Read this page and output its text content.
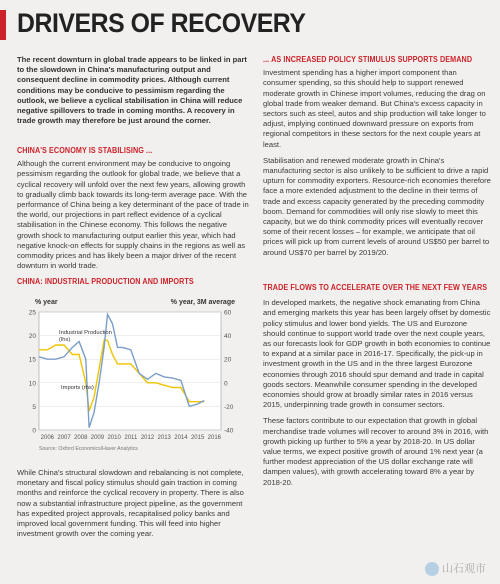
DRIVERS OF RECOVERY
The recent downturn in global trade appears to be linked in part to the slowdown in China's manufacturing output and consequent decline in commodity prices. Although current conditions may be conducive to pessimism regarding the outlook, we believe a cyclical stabilisation in China will reduce negative spillovers to trade in coming months. A recovery in trade growth may therefore be just around the corner.
CHINA'S ECONOMY IS STABILISING ...
Although the current environment may be conducive to ongoing pessimism regarding the outlook for global trade, we believe that a cyclical recovery will unfold over the next few years, allowing growth to gradually climb back towards its long-term average pace. With the performance of China being a key determinant of the pace of trade in the world, our projections in part reflect evidence of a cyclical stabilisation in the Chinese economy. This follows the negative growth shock to manufacturing output earlier this year, which had negative knock-on effects for supply chains in the regions as well as commodity prices and has likely been a major driver of the recent downturn in world trade.
CHINA: INDUSTRIAL PRODUCTION AND IMPORTS
0
5
10
15
20
25
-40
-20
0
20
40
60
% year	% year, 3M average
2006 2007 2008 2009 2010 2011 2012 2013 2014 2015 2016
Industrial Production
(lhs)
Imports (rhs)
Source: Oxford Economics/Haver Analytics
While China's structural slowdown and rebalancing is not complete, monetary and fiscal policy stimulus should gain traction in coming months and reinforce the cyclical recovery in property. There is also now a substantial infrastructure project pipeline, as the government has expedited project approvals, recapitalised policy banks and improved local government funding. This will feed into higher investment growth over the coming year.
... AS INCREASED POLICY STIMULUS SUPPORTS DEMAND
Investment spending has a higher import component than consumer spending, so this should help to support renewed moderate growth in Chinese import volumes, reducing the drag on global trade from weaker demand. But China's excess capacity in sectors such as steel, autos and ship production will take longer to adjust, implying continued downward pressure on exports from regional competitors in these sectors for the next couple years at least.
Stabilisation and renewed moderate growth in China's manufacturing sector is also unlikely to be sufficient to drive a rapid upturn for commodity exporters. Resource-rich economies therefore face a more extended adjustment to the decline in their terms of trade and excess capacity generated by the preceding commodity boom. Demand for commodities will only rise slowly to meet this capacity, but we do think commodity prices will eventually recover some of their recent losses – for example, we anticipate that oil prices will pick up from current levels of around US$50 per barrel to around US$70 per barrel by 2019/20.
TRADE FLOWS TO ACCELERATE OVER THE NEXT FEW YEARS
In developed markets, the negative shock emanating from China and emerging markets this year has been largely offset by domestic policy stimulus and lower bond yields. The US and Eurozone should continue to support world trade over the next couple years, as our forecasts look for GDP growth in both economies to continue to expand at a similar pace in 2016-17. Specifically, the pick-up in investment growth in the US and in the three largest Eurozone economies through 2016 should spur demand and trade in capital goods sectors. Meanwhile consumer spending in the developed economies should grow at broadly similar rates in 2016 versus 2015, underpinning trade growth in consumer sectors.
These factors contribute to our expectation that growth in global merchandise trade volumes will recover to around 3% in 2016, with growth picking up further to 5% a year by 2018-20. In US dollar value terms, we expect positive growth of around 1% next year (a further modest appreciation of the US dollar exchange rate will dampen values), with growth accelerating toward 8% a year by 2018-20.
山石观市
